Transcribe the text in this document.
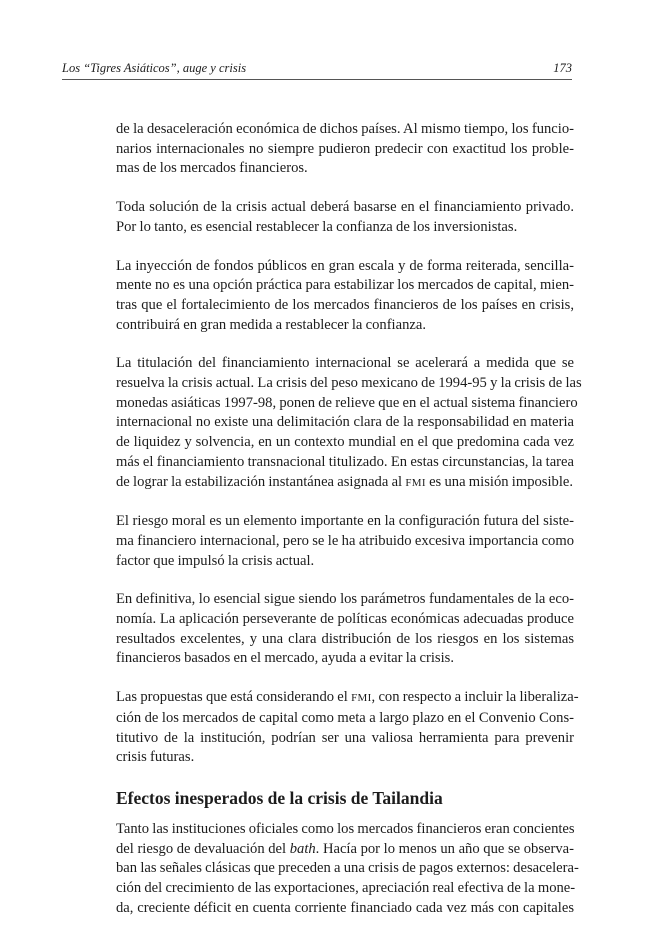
Los “Tigres Asiáticos”, auge y crisis	173

de la desaceleración económica de dichos países. Al mismo tiempo, los funcio-
narios internacionales no siempre pudieron predecir con exactitud los proble-
mas de los mercados financieros.

Toda solución de la crisis actual deberá basarse en el financiamiento privado.
Por lo tanto, es esencial restablecer la confianza de los inversionistas.

La inyección de fondos públicos en gran escala y de forma reiterada, sencilla-
mente no es una opción práctica para estabilizar los mercados de capital, mien-
tras que el fortalecimiento de los mercados financieros de los países en crisis,
contribuirá en gran medida a restablecer la confianza.

La titulación del financiamiento internacional se acelerará a medida que se
resuelva la crisis actual. La crisis del peso mexicano de 1994-95 y la crisis de las
monedas asiáticas 1997-98, ponen de relieve que en el actual sistema financiero
internacional no existe una delimitación clara de la responsabilidad en materia
de liquidez y solvencia, en un contexto mundial en el que predomina cada vez
más el financiamiento transnacional titulizado. En estas circunstancias, la tarea
de lograr la estabilización instantánea asignada al FMI es una misión imposible.

El riesgo moral es un elemento importante en la configuración futura del siste-
ma financiero internacional, pero se le ha atribuido excesiva importancia como
factor que impulsó la crisis actual.

En definitiva, lo esencial sigue siendo los parámetros fundamentales de la eco-
nomía. La aplicación perseverante de políticas económicas adecuadas produce
resultados excelentes, y una clara distribución de los riesgos en los sistemas
financieros basados en el mercado, ayuda a evitar la crisis.

Las propuestas que está considerando el FMI, con respecto a incluir la liberaliza-
ción de los mercados de capital como meta a largo plazo en el Convenio Cons-
titutivo de la institución, podrían ser una valiosa herramienta para prevenir
crisis futuras.

Efectos inesperados de la crisis de Tailandia

Tanto las instituciones oficiales como los mercados financieros eran concientes
del riesgo de devaluación del bath. Hacía por lo menos un año que se observa-
ban las señales clásicas que preceden a una crisis de pagos externos: desacelera-
ción del crecimiento de las exportaciones, apreciación real efectiva de la mone-
da, creciente déficit en cuenta corriente financiado cada vez más con capitales
